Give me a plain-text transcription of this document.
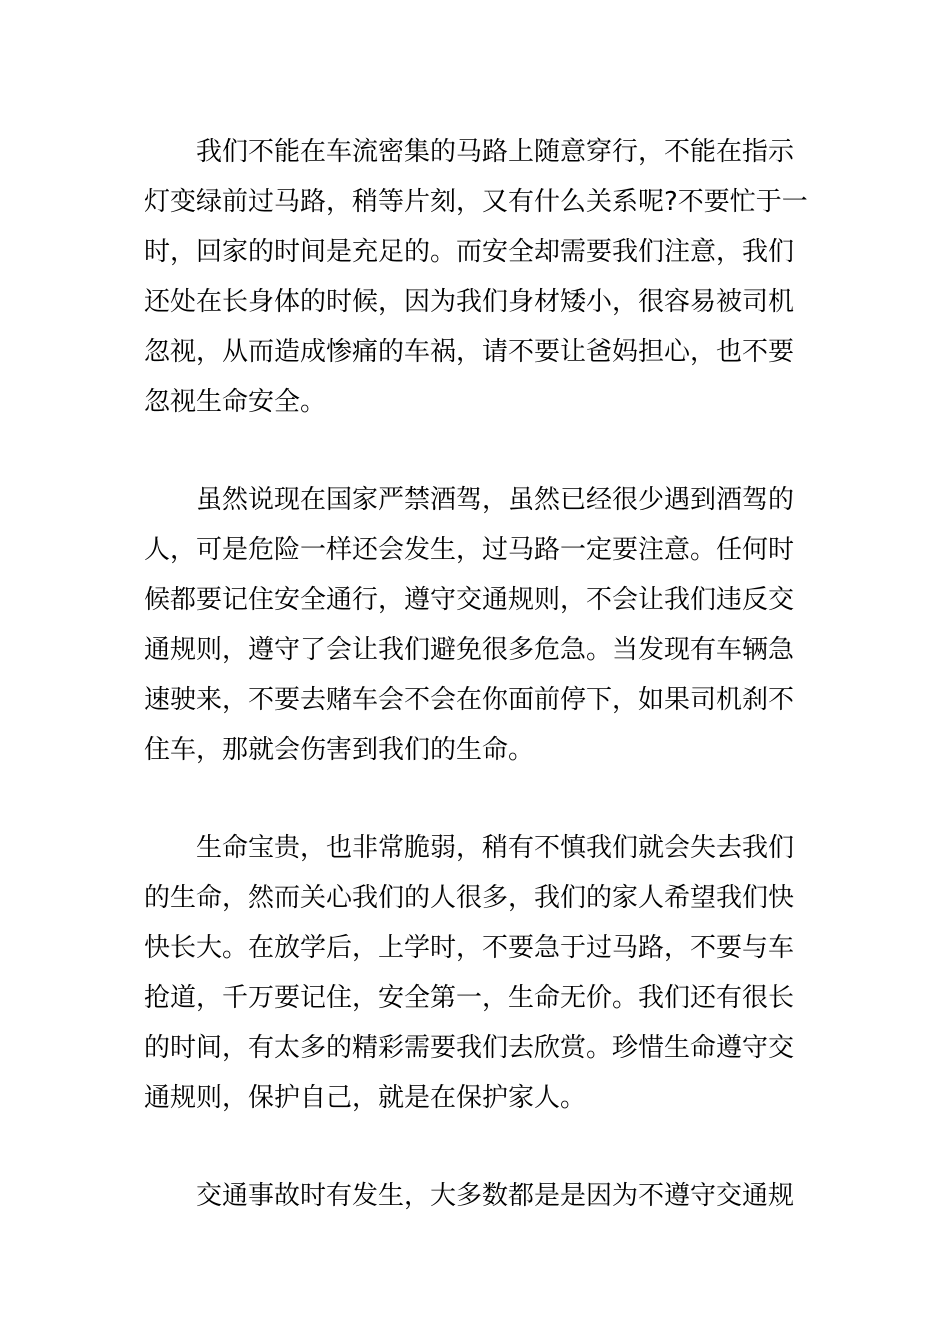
我们不能在车流密集的马路上随意穿行，不能在指示
灯变绿前过马路，稍等片刻，又有什么关系呢?不要忙于一
时，回家的时间是充足的。而安全却需要我们注意，我们
还处在长身体的时候，因为我们身材矮小，很容易被司机
忽视，从而造成惨痛的车祸，请不要让爸妈担心，也不要
忽视生命安全。
虽然说现在国家严禁酒驾，虽然已经很少遇到酒驾的
人，可是危险一样还会发生，过马路一定要注意。任何时
候都要记住安全通行，遵守交通规则，不会让我们违反交
通规则，遵守了会让我们避免很多危急。当发现有车辆急
速驶来，不要去赌车会不会在你面前停下，如果司机刹不
住车，那就会伤害到我们的生命。
生命宝贵，也非常脆弱，稍有不慎我们就会失去我们
的生命，然而关心我们的人很多，我们的家人希望我们快
快长大。在放学后，上学时，不要急于过马路，不要与车
抢道，千万要记住，安全第一，生命无价。我们还有很长
的时间，有太多的精彩需要我们去欣赏。珍惜生命遵守交
通规则，保护自己，就是在保护家人。
交通事故时有发生，大多数都是是因为不遵守交通规
